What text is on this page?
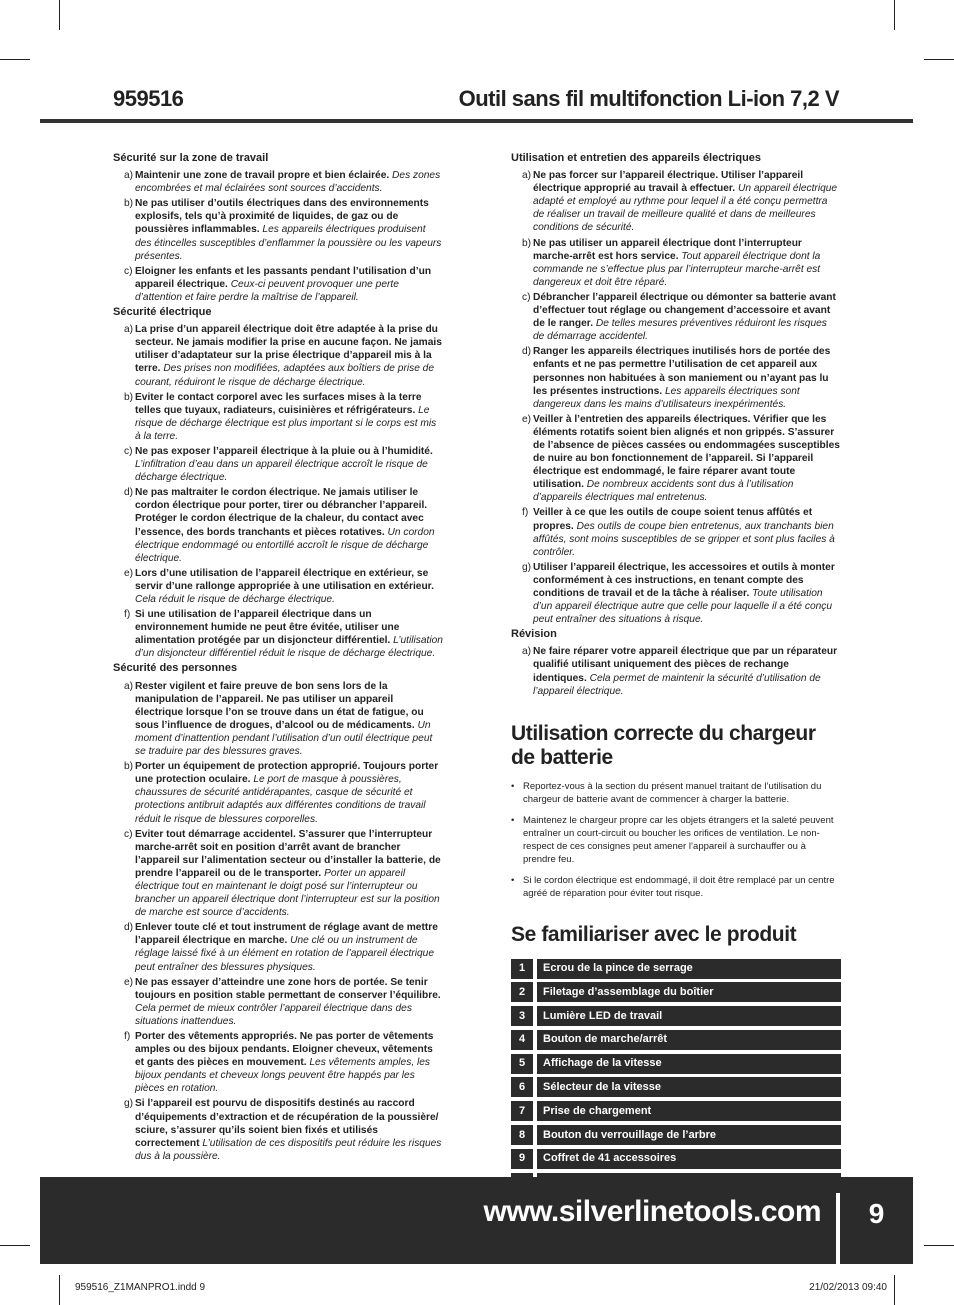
959516	Outil sans fil multifonction Li-ion 7,2 V
Sécurité sur la zone de travail
a) Maintenir une zone de travail propre et bien éclairée. Des zones encombrées et mal éclairées sont sources d’accidents.
b) Ne pas utiliser d’outils électriques dans des environnements explosifs, tels qu’à proximité de liquides, de gaz ou de poussières inflammables. Les appareils électriques produisent des étincelles susceptibles d’enflammer la poussière ou les vapeurs présentes.
c) Eloigner les enfants et les passants pendant l’utilisation d’un appareil électrique. Ceux-ci peuvent provoquer une perte d’attention et faire perdre la maîtrise de l’appareil.
Sécurité électrique
a) La prise d’un appareil électrique doit être adaptée à la prise du secteur. Ne jamais modifier la prise en aucune façon. Ne jamais utiliser d’adaptateur sur la prise électrique d’appareil mis à la terre. Des prises non modifiées, adaptées aux boîtiers de prise de courant, réduiront le risque de décharge électrique.
b) Eviter le contact corporel avec les surfaces mises à la terre telles que tuyaux, radiateurs, cuisinières et réfrigérateurs. Le risque de décharge électrique est plus important si le corps est mis à la terre.
c) Ne pas exposer l’appareil électrique à la pluie ou à l’humidité. L’infiltration d’eau dans un appareil électrique accroît le risque de décharge électrique.
d) Ne pas maltraiter le cordon électrique. Ne jamais utiliser le cordon électrique pour porter, tirer ou débrancher l’appareil. Protéger le cordon électrique de la chaleur, du contact avec l’essence, des bords tranchants et pièces rotatives. Un cordon électrique endommagé ou entortillé accroît le risque de décharge électrique.
e) Lors d’une utilisation de l’appareil électrique en extérieur, se servir d’une rallonge appropriée à une utilisation en extérieur. Cela réduit le risque de décharge électrique.
f) Si une utilisation de l’appareil électrique dans un environnement humide ne peut être évitée, utiliser une alimentation protégée par un disjoncteur différentiel. L’utilisation d’un disjoncteur différentiel réduit le risque de décharge électrique.
Sécurité des personnes
a) Rester vigilent et faire preuve de bon sens lors de la manipulation de l’appareil. Ne pas utiliser un appareil électrique lorsque l’on se trouve dans un état de fatigue, ou sous l’influence de drogues, d’alcool ou de médicaments. Un moment d’inattention pendant l’utilisation d’un outil électrique peut se traduire par des blessures graves.
b) Porter un équipement de protection approprié. Toujours porter une protection oculaire. Le port de masque à poussières, chaussures de sécurité antidérapantes, casque de sécurité et protections antibruit adaptés aux différentes conditions de travail réduit le risque de blessures corporelles.
c) Eviter tout démarrage accidentel. S’assurer que l’interrupteur marche-arrêt soit en position d’arrêt avant de brancher l’appareil sur l’alimentation secteur ou d’installer la batterie, de prendre l’appareil ou de le transporter. Porter un appareil électrique tout en maintenant le doigt posé sur l’interrupteur ou brancher un appareil électrique dont l’interrupteur est sur la position de marche est source d’accidents.
d) Enlever toute clé et tout instrument de réglage avant de mettre l’appareil électrique en marche. Une clé ou un instrument de réglage laissé fixé à un élément en rotation de l’appareil électrique peut entraîner des blessures physiques.
e) Ne pas essayer d’atteindre une zone hors de portée. Se tenir toujours en position stable permettant de conserver l’équilibre. Cela permet de mieux contrôler l’appareil électrique dans des situations inattendues.
f) Porter des vêtements appropriés. Ne pas porter de vêtements amples ou des bijoux pendants. Eloigner cheveux, vêtements et gants des pièces en mouvement. Les vêtements amples, les bijoux pendants et cheveux longs peuvent être happés par les pièces en rotation.
g) Si l’appareil est pourvu de dispositifs destinés au raccord d’équipements d’extraction et de récupération de la poussière/ sciure, s’assurer qu’ils soient bien fixés et utilisés correctement L’utilisation de ces dispositifs peut réduire les risques dus à la poussière.
Utilisation et entretien des appareils électriques
a) Ne pas forcer sur l’appareil électrique. Utiliser l’appareil électrique approprié au travail à effectuer. Un appareil électrique adapté et employé au rythme pour lequel il a été conçu permettra de réaliser un travail de meilleure qualité et dans de meilleures conditions de sécurité.
b) Ne pas utiliser un appareil électrique dont l’interrupteur marche-arrêt est hors service. Tout appareil électrique dont la commande ne s’effectue plus par l’interrupteur marche-arrêt est dangereux et doit être réparé.
c) Débrancher l’appareil électrique ou démonter sa batterie avant d’effectuer tout réglage ou changement d’accessoire et avant de le ranger. De telles mesures préventives réduiront les risques de démarrage accidentel.
d) Ranger les appareils électriques inutilisés hors de portée des enfants et ne pas permettre l’utilisation de cet appareil aux personnes non habituées à son maniement ou n’ayant pas lu les présentes instructions. Les appareils électriques sont dangereux dans les mains d’utilisateurs inexpérimentés.
e) Veiller à l’entretien des appareils électriques. Vérifier que les éléments rotatifs soient bien alignés et non grippés. S’assurer de l’absence de pièces cassées ou endommagées susceptibles de nuire au bon fonctionnement de l’appareil. Si l’appareil électrique est endommagé, le faire réparer avant toute utilisation. De nombreux accidents sont dus à l’utilisation d’appareils électriques mal entretenus.
f) Veiller à ce que les outils de coupe soient tenus affûtés et propres. Des outils de coupe bien entretenus, aux tranchants bien affûtés, sont moins susceptibles de se gripper et sont plus faciles à contrôler.
g) Utiliser l’appareil électrique, les accessoires et outils à monter conformément à ces instructions, en tenant compte des conditions de travail et de la tâche à réaliser. Toute utilisation d’un appareil électrique autre que celle pour laquelle il a été conçu peut entraîner des situations à risque.
Révision
a) Ne faire réparer votre appareil électrique que par un réparateur qualifié utilisant uniquement des pièces de rechange identiques. Cela permet de maintenir la sécurité d’utilisation de l’appareil électrique.
Utilisation correcte du chargeur de batterie
• Reportez-vous à la section du présent manuel traitant de l’utilisation du chargeur de batterie avant de commencer à charger la batterie.
• Maintenez le chargeur propre car les objets étrangers et la saleté peuvent entraîner un court-circuit ou boucher les orifices de ventilation. Le non-respect de ces consignes peut amener l’appareil à surchauffer ou à prendre feu.
• Si le cordon électrique est endommagé, il doit être remplacé par un centre agréé de réparation pour éviter tout risque.
Se familiariser avec le produit
1	Ecrou de la pince de serrage
2	Filetage d’assemblage du boîtier
3	Lumière LED de travail
4	Bouton de marche/arrêt
5	Affichage de la vitesse
6	Sélecteur de la vitesse
7	Prise de chargement
8	Bouton du verrouillage de l’arbre
9	Coffret de 41 accessoires
www.silverlinetools.com	9
959516_Z1MANPRO1.indd 9	21/02/2013 09:40
